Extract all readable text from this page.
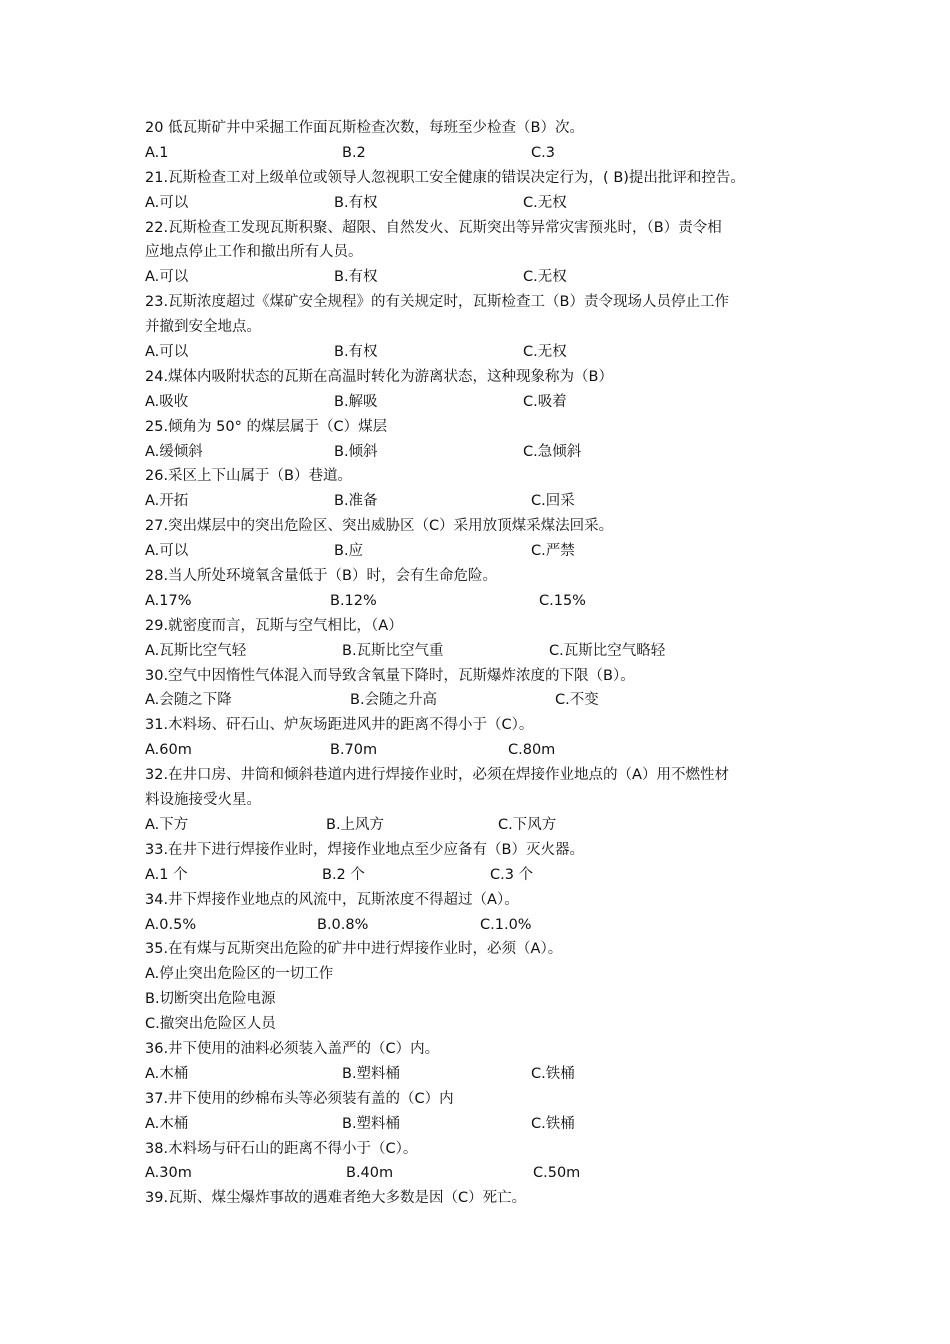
20 低瓦斯矿井中采掘工作面瓦斯检查次数，每班至少检查（B）次。
A.1	B.2	C.3
21.瓦斯检查工对上级单位或领导人忽视职工安全健康的错误决定行为，( B)提出批评和控告。
A.可以	B.有权	C.无权
22.瓦斯检查工发现瓦斯积聚、超限、自然发火、瓦斯突出等异常灾害预兆时，（B）责令相
应地点停止工作和撤出所有人员。
A.可以	B.有权	C.无权
23.瓦斯浓度超过《煤矿安全规程》的有关规定时，瓦斯检查工（B）责令现场人员停止工作
并撤到安全地点。
A.可以	B.有权	C.无权
24.煤体内吸附状态的瓦斯在高温时转化为游离状态，这种现象称为（B）
A.吸收	B.解吸	C.吸着
25.倾角为 50° 的煤层属于（C）煤层
A.缓倾斜	B.倾斜	C.急倾斜
26.采区上下山属于（B）巷道。
A.开拓	B.准备	C.回采
27.突出煤层中的突出危险区、突出威胁区（C）采用放顶煤采煤法回采。
A.可以	B.应	C.严禁
28.当人所处环境氧含量低于（B）时，会有生命危险。
A.17%	B.12%	C.15%
29.就密度而言，瓦斯与空气相比，（A）
A.瓦斯比空气轻	B.瓦斯比空气重	C.瓦斯比空气略轻
30.空气中因惰性气体混入而导致含氧量下降时，瓦斯爆炸浓度的下限（B）。
A.会随之下降	B.会随之升高	C.不变
31.木料场、矸石山、炉灰场距进风井的距离不得小于（C）。
A.60m	B.70m	C.80m
32.在井口房、井筒和倾斜巷道内进行焊接作业时，必须在焊接作业地点的（A）用不燃性材
料设施接受火星。
A.下方	B.上风方	C.下风方
33.在井下进行焊接作业时，焊接作业地点至少应备有（B）灭火器。
A.1 个	B.2 个	C.3 个
34.井下焊接作业地点的风流中，瓦斯浓度不得超过（A）。
A.0.5%	B.0.8%	C.1.0%
35.在有煤与瓦斯突出危险的矿井中进行焊接作业时，必须（A）。
A.停止突出危险区的一切工作
B.切断突出危险电源
C.撤突出危险区人员
36.井下使用的油料必须装入盖严的（C）内。
A.木桶	B.塑料桶	C.铁桶
37.井下使用的纱棉布头等必须装有盖的（C）内
A.木桶	B.塑料桶	C.铁桶
38.木料场与矸石山的距离不得小于（C）。
A.30m	B.40m	C.50m
39.瓦斯、煤尘爆炸事故的遇难者绝大多数是因（C）死亡。
